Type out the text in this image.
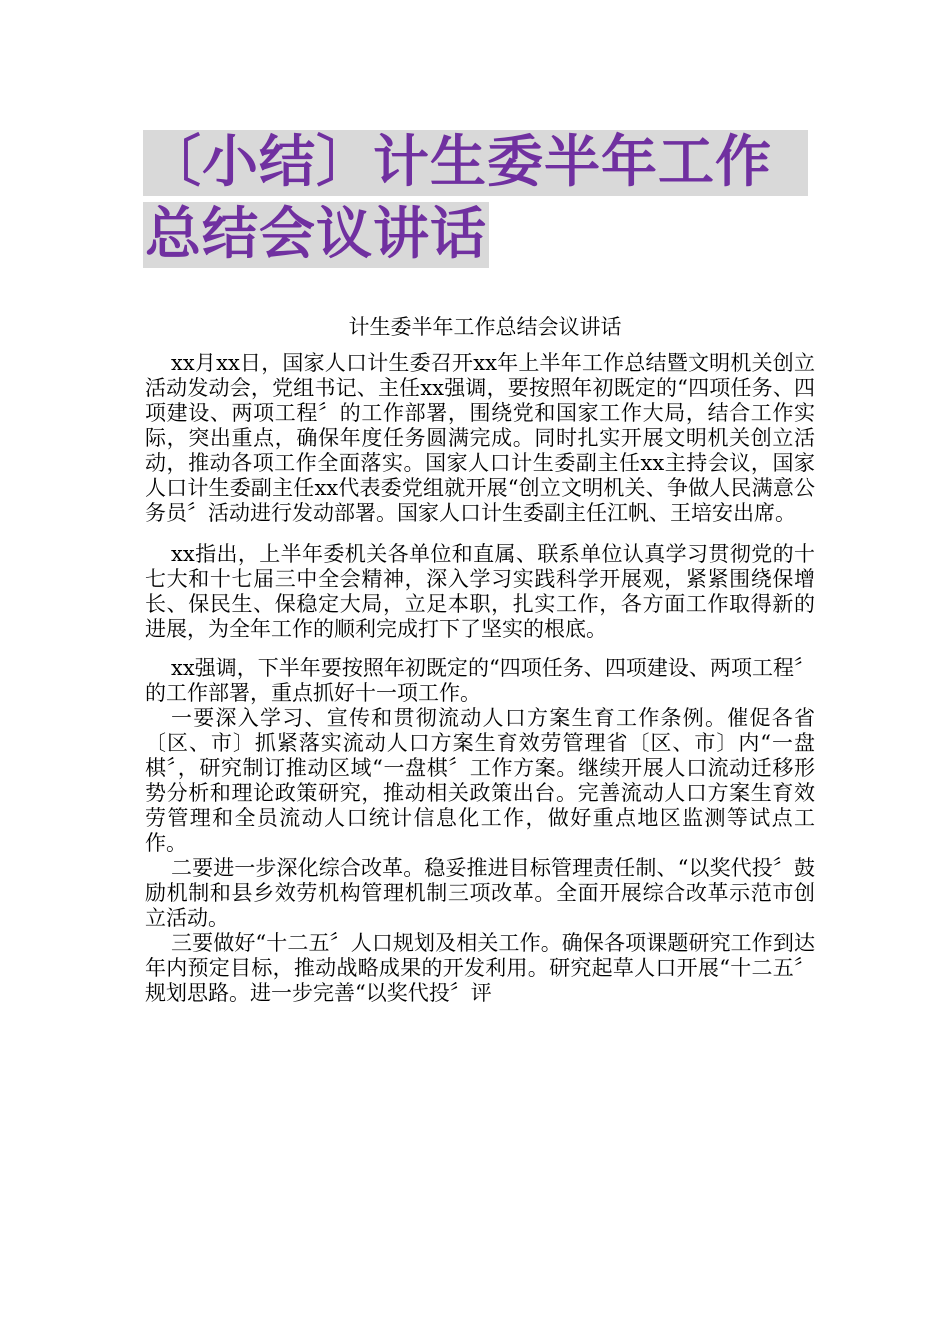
〔小结〕计生委半年工作
总结会议讲话
计生委半年工作总结会议讲话

xx月xx日，国家人口计生委召开xx年上半年工作总结暨文明机关创立活动发动会，党组书记、主任xx强调，要按照年初既定的“四项任务、四项建设、两项工程〞的工作部署，围绕党和国家工作大局，结合工作实际，突出重点，确保年度任务圆满完成。同时扎实开展文明机关创立活动，推动各项工作全面落实。国家人口计生委副主任xx主持会议，国家人口计生委副主任xx代表委党组就开展“创立文明机关、争做人民满意公务员〞活动进行发动部署。国家人口计生委副主任江帆、王培安出席。

xx指出，上半年委机关各单位和直属、联系单位认真学习贯彻党的十七大和十七届三中全会精神，深入学习实践科学开展观，紧紧围绕保增长、保民生、保稳定大局，立足本职，扎实工作，各方面工作取得新的进展，为全年工作的顺利完成打下了坚实的根底。

xx强调，下半年要按照年初既定的“四项任务、四项建设、两项工程〞的工作部署，重点抓好十一项工作。

一要深入学习、宣传和贯彻流动人口方案生育工作条例。催促各省〔区、市〕抓紧落实流动人口方案生育效劳管理省〔区、市〕内“一盘棋〞，研究制订推动区域“一盘棋〞工作方案。继续开展人口流动迁移形势分析和理论政策研究，推动相关政策出台。完善流动人口方案生育效劳管理和全员流动人口统计信息化工作，做好重点地区监测等试点工作。

二要进一步深化综合改革。稳妥推进目标管理责任制、“以奖代投〞鼓励机制和县乡效劳机构管理机制三项改革。全面开展综合改革示范市创立活动。

三要做好“十二五〞人口规划及相关工作。确保各项课题研究工作到达年内预定目标，推动战略成果的开发利用。研究起草人口开展“十二五〞规划思路。进一步完善“以奖代投〞评
